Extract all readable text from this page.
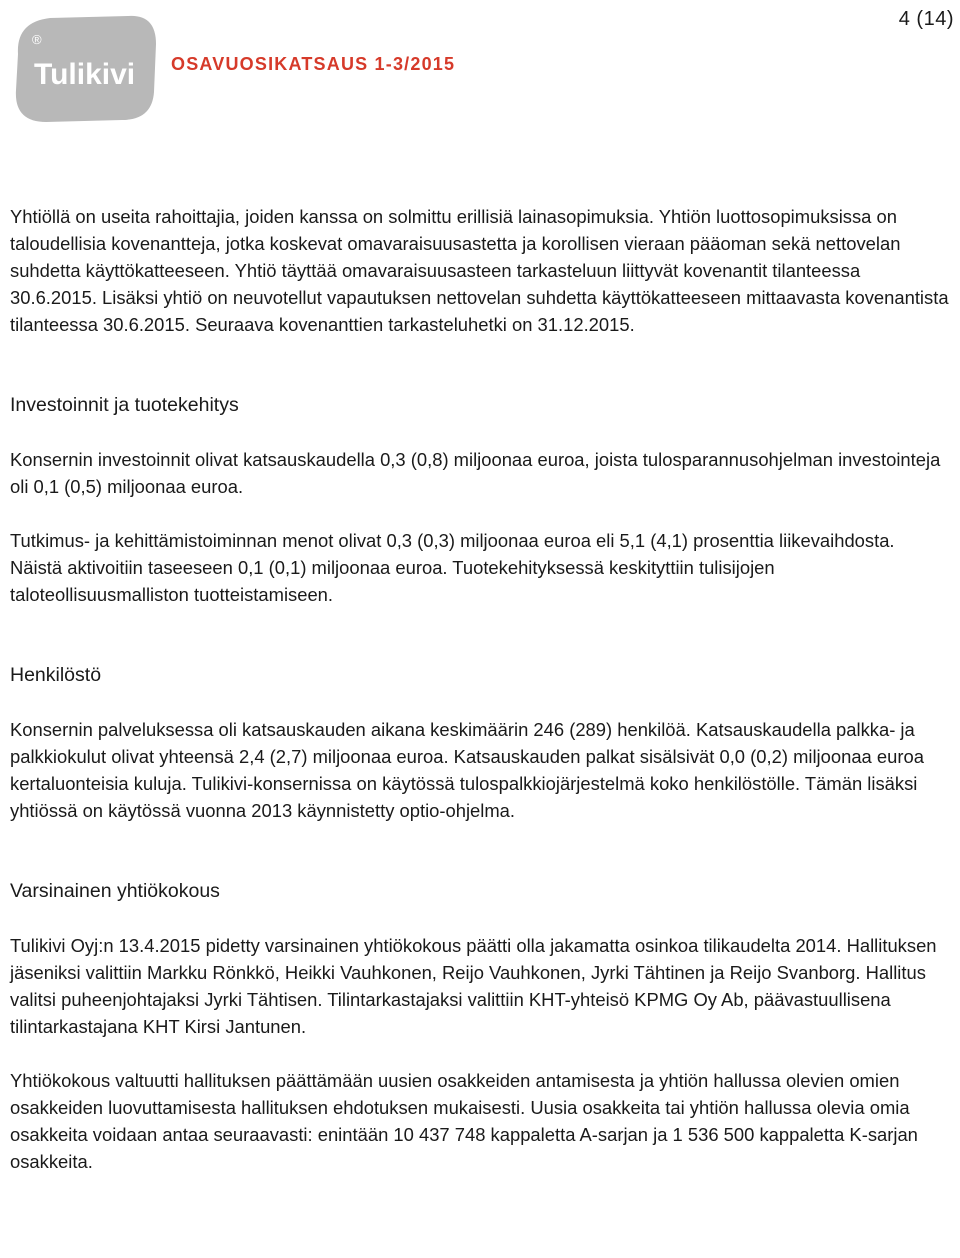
4 (14)
®
Tulikivi OSAVUOSIKATSAUS 1-3/2015

Yhtiöllä on useita rahoittajia, joiden kanssa on solmittu erillisiä lainasopimuksia. Yhtiön luottosopimuksissa on taloudellisia kovenantteja, jotka koskevat omavaraisuusastetta ja korollisen vieraan pääoman sekä nettovelan suhdetta käyttökatteeseen. Yhtiö täyttää omavaraisuusasteen tarkasteluun liittyvät kovenantit tilanteessa 30.6.2015. Lisäksi yhtiö on neuvotellut vapautuksen nettovelan suhdetta käyttökatteeseen mittaavasta kovenantista tilanteessa 30.6.2015. Seuraava kovenanttien tarkasteluhetki on 31.12.2015.

Investoinnit ja tuotekehitys

Konsernin investoinnit olivat katsauskaudella 0,3 (0,8) miljoonaa euroa, joista tulosparannusohjelman investointeja oli 0,1 (0,5) miljoonaa euroa.

Tutkimus- ja kehittämistoiminnan menot olivat 0,3 (0,3) miljoonaa euroa eli 5,1 (4,1) prosenttia liikevaihdosta. Näistä aktivoitiin taseeseen 0,1 (0,1) miljoonaa euroa. Tuotekehityksessä keskityttiin tulisijojen taloteollisuusmalliston tuotteistamiseen.

Henkilöstö

Konsernin palveluksessa oli katsauskauden aikana keskimäärin 246 (289) henkilöä. Katsauskaudella palkka- ja palkkiokulut olivat yhteensä 2,4 (2,7) miljoonaa euroa. Katsauskauden palkat sisälsivät 0,0 (0,2) miljoonaa euroa kertaluonteisia kuluja. Tulikivi-konsernissa on käytössä tulospalkkiojärjestelmä koko henkilöstölle. Tämän lisäksi yhtiössä on käytössä vuonna 2013 käynnistetty optio-ohjelma.

Varsinainen yhtiökokous

Tulikivi Oyj:n 13.4.2015 pidetty varsinainen yhtiökokous päätti olla jakamatta osinkoa tilikaudelta 2014. Hallituksen jäseniksi valittiin Markku Rönkkö, Heikki Vauhkonen, Reijo Vauhkonen, Jyrki Tähtinen ja Reijo Svanborg. Hallitus valitsi puheenjohtajaksi Jyrki Tähtisen. Tilintarkastajaksi valittiin KHT-yhteisö KPMG Oy Ab, päävastuullisena tilintarkastajana KHT Kirsi Jantunen.

Yhtiökokous valtuutti hallituksen päättämään uusien osakkeiden antamisesta ja yhtiön hallussa olevien omien osakkeiden luovuttamisesta hallituksen ehdotuksen mukaisesti. Uusia osakkeita tai yhtiön hallussa olevia omia osakkeita voidaan antaa seuraavasti: enintään 10 437 748 kappaletta A-sarjan ja 1 536 500 kappaletta K-sarjan osakkeita.
